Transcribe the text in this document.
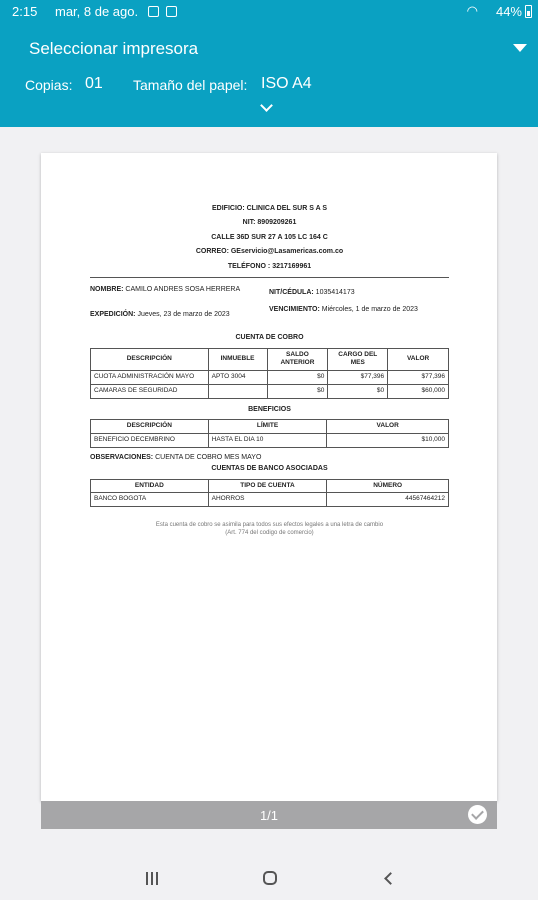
2:15 mar, 8 de ago.	◠ 44%
Seleccionar impresora
Copias: 01 Tamaño del papel: ISO A4
EDIFICIO: CLINICA DEL SUR S A S
NIT: 8909209261
CALLE 36D SUR 27 A 105 LC 164 C
CORREO: GEservicio@Lasamericas.com.co
TELÉFONO : 3217169961
NOMBRE: CAMILO ANDRES SOSA HERRERA	NIT/CÉDULA: 1035414173
EXPEDICIÓN: Jueves, 23 de marzo de 2023
VENCIMIENTO: Miércoles, 1 de marzo de 2023
CUENTA DE COBRO
DESCRIPCIÓN	INMUEBLE	SALDO ANTERIOR	CARGO DEL MES	VALOR
CUOTA ADMINISTRACIÓN MAYO	APTO 3004	$0	$77,396	$77,396
CAMARAS DE SEGURIDAD		$0	$0	$60,000
BENEFICIOS
DESCRIPCIÓN	LÍMITE	VALOR
BENEFICIO DECEMBRINO	HASTA EL DIA 10	$10,000
OBSERVACIONES: CUENTA DE COBRO MES MAYO
CUENTAS DE BANCO ASOCIADAS
ENTIDAD	TIPO DE CUENTA	NÚMERO
BANCO BOGOTA	AHORROS	44567464212
Esta cuenta de cobro se asimila para todos sus efectos legales a una letra de cambio
(Art. 774 del codigo de comercio)
1/1
